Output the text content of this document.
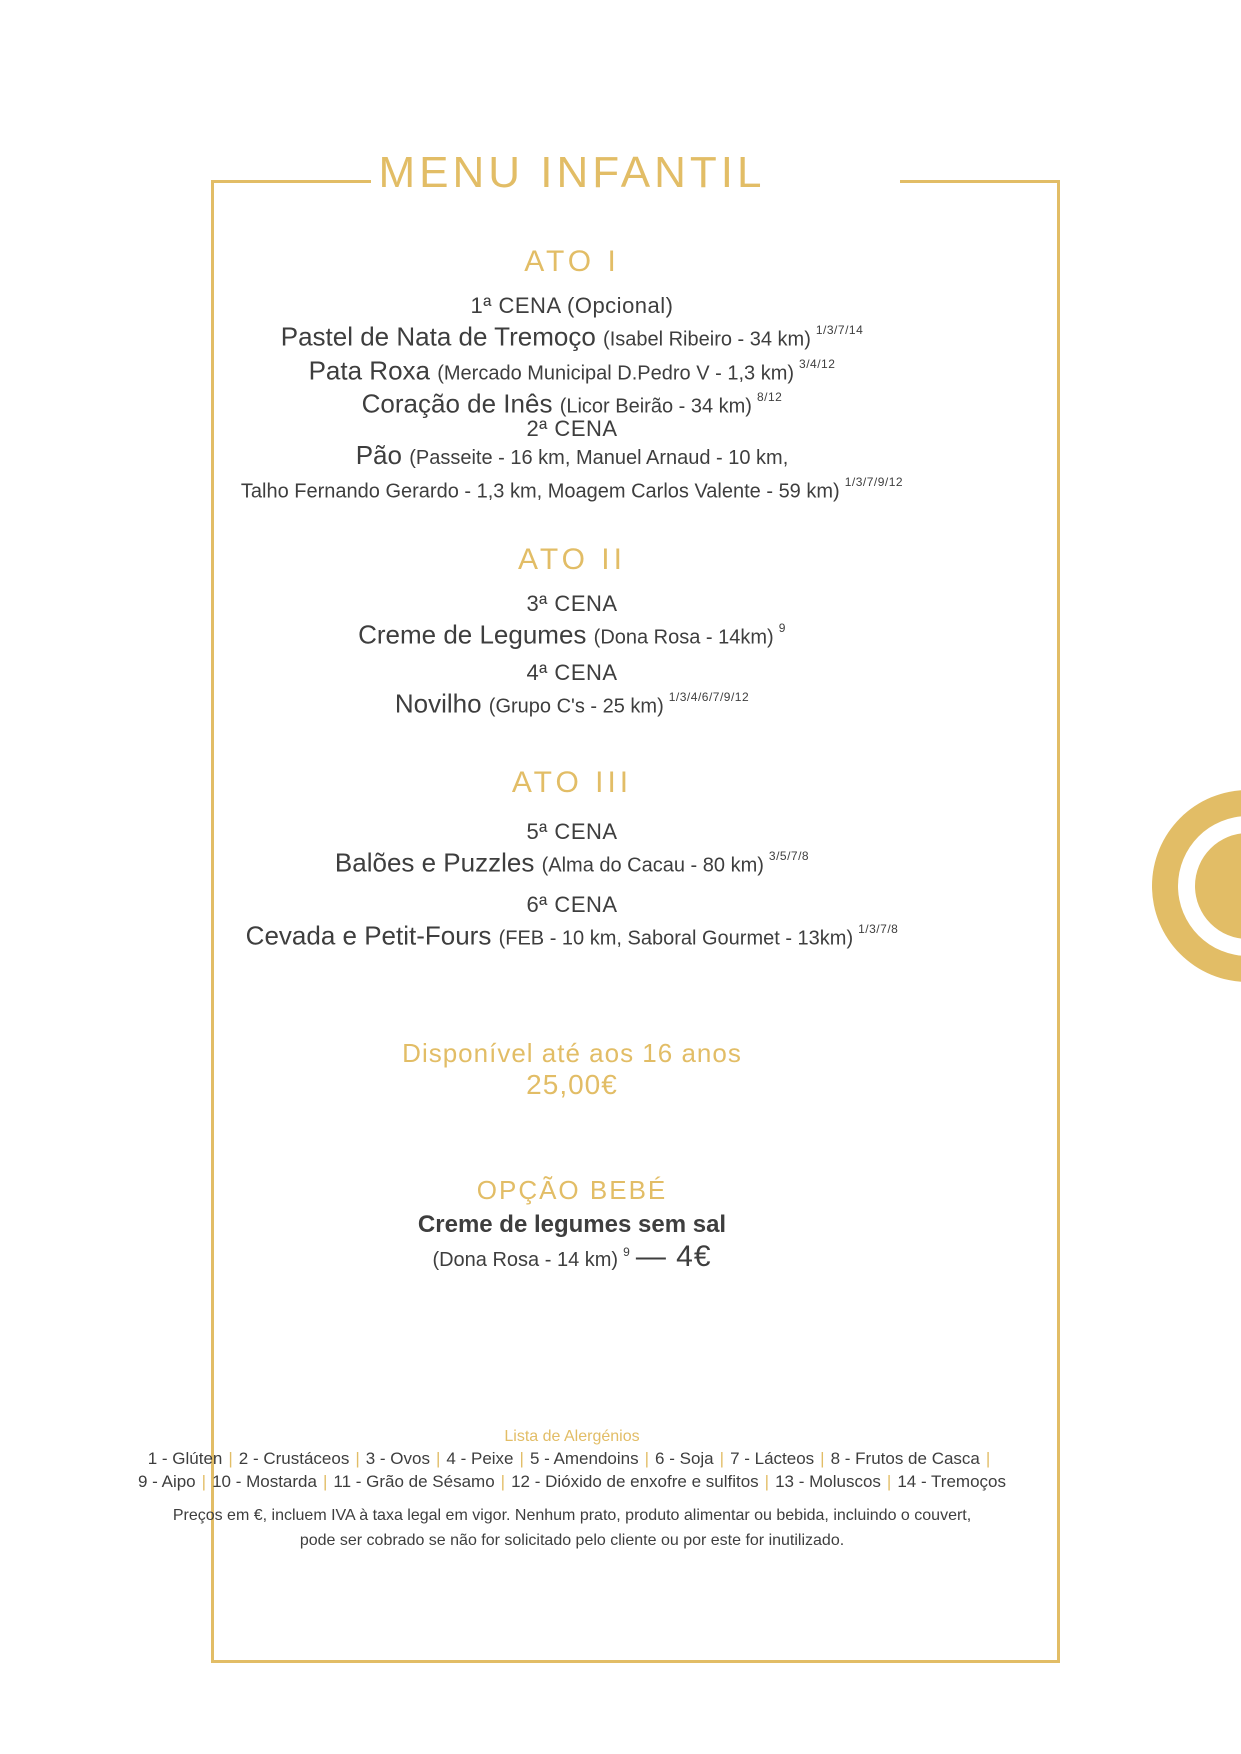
MENU INFANTIL
ATO I
1ª CENA (Opcional)

Pastel de Nata de Tremoço (Isabel Ribeiro - 34 km) $^{1/3/7/14}$

Pata Roxa (Mercado Municipal D.Pedro V - 1,3 km) $^{3/4/12}$

Coração de Inês (Licor Beirão - 34 km) $^{8/12}$

2ª CENA

Pão (Passeite - 16 km, Manuel Arnaud - 10 km,
Talho Fernando Gerardo - 1,3 km, Moagem Carlos Valente - 59 km) $^{1/3/7/9/12}$

ATO II
3ª CENA

Creme de Legumes (Dona Rosa - 14km) $^9$

4ª CENA

Novilho (Grupo C's - 25 km) $^{1/3/4/6/7/9/12}$

ATO III
5ª CENA

Balões e Puzzles (Alma do Cacau - 80 km) $^{3/5/7/8}$

6ª CENA

Cevada e Petit-Fours (FEB - 10 km, Saboral Gourmet - 13km) $^{1/3/7/8}$

Disponível até aos 16 anos

25,00€

OPÇÃO BEBÉ

Creme de legumes sem sal

(Dona Rosa - 14 km) $^9$ — 4€

Lista de Alergénios
1 - Glúten | 2 - Crustáceos | 3 - Ovos | 4 - Peixe | 5 - Amendoins | 6 - Soja | 7 - Lácteos | 8 - Frutos de Casca |
9 - Aipo | 10 - Mostarda | 11 - Grão de Sésamo | 12 - Dióxido de enxofre e sulfitos | 13 - Moluscos | 14 - Tremoços

Preços em €, incluem IVA à taxa legal em vigor. Nenhum prato, produto alimentar ou bebida, incluindo o couvert,
pode ser cobrado se não for solicitado pelo cliente ou por este for inutilizado.
